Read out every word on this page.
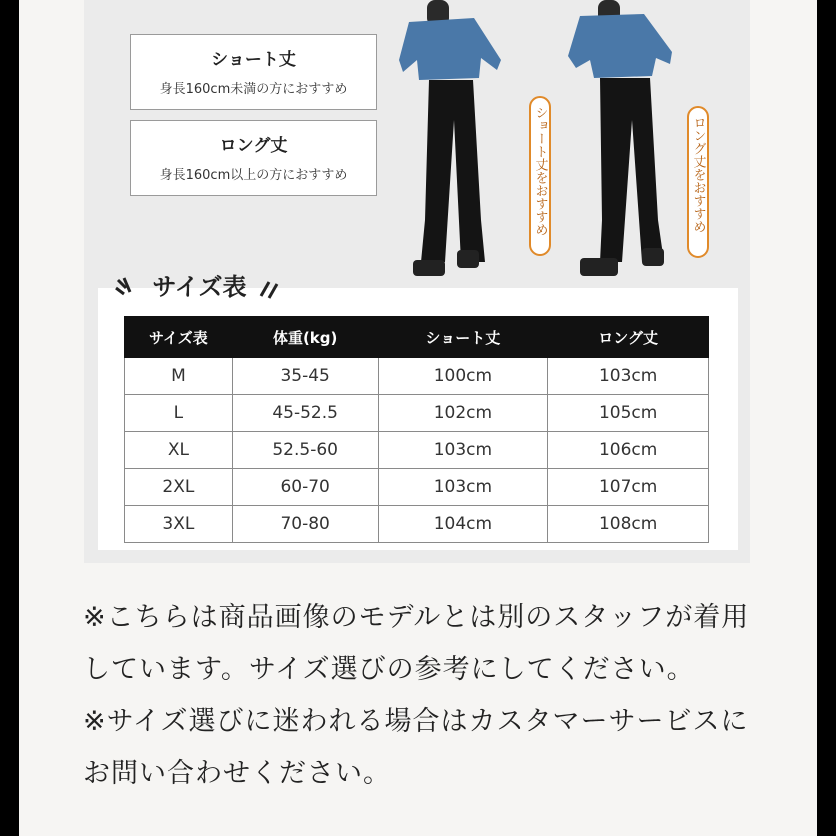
ショート丈
身長160cm未満の方におすすめ
ロング丈
身長160cm以上の方におすすめ	ショート丈をおすすめ	ロング丈をおすすめ
サイズ表	体重(kg)	ショート丈	ロング丈
M	35-45	100cm	103cm
L	45-52.5	102cm	105cm
XL	52.5-60	103cm	106cm
2XL	60-70	103cm	107cm
3XL	70-80	104cm	108cm
サイズ表

※こちらは商品画像のモデルとは別のスタッフが着用しています。サイズ選びの参考にしてください。

※サイズ選びに迷われる場合はカスタマーサービスにお問い合わせください。
